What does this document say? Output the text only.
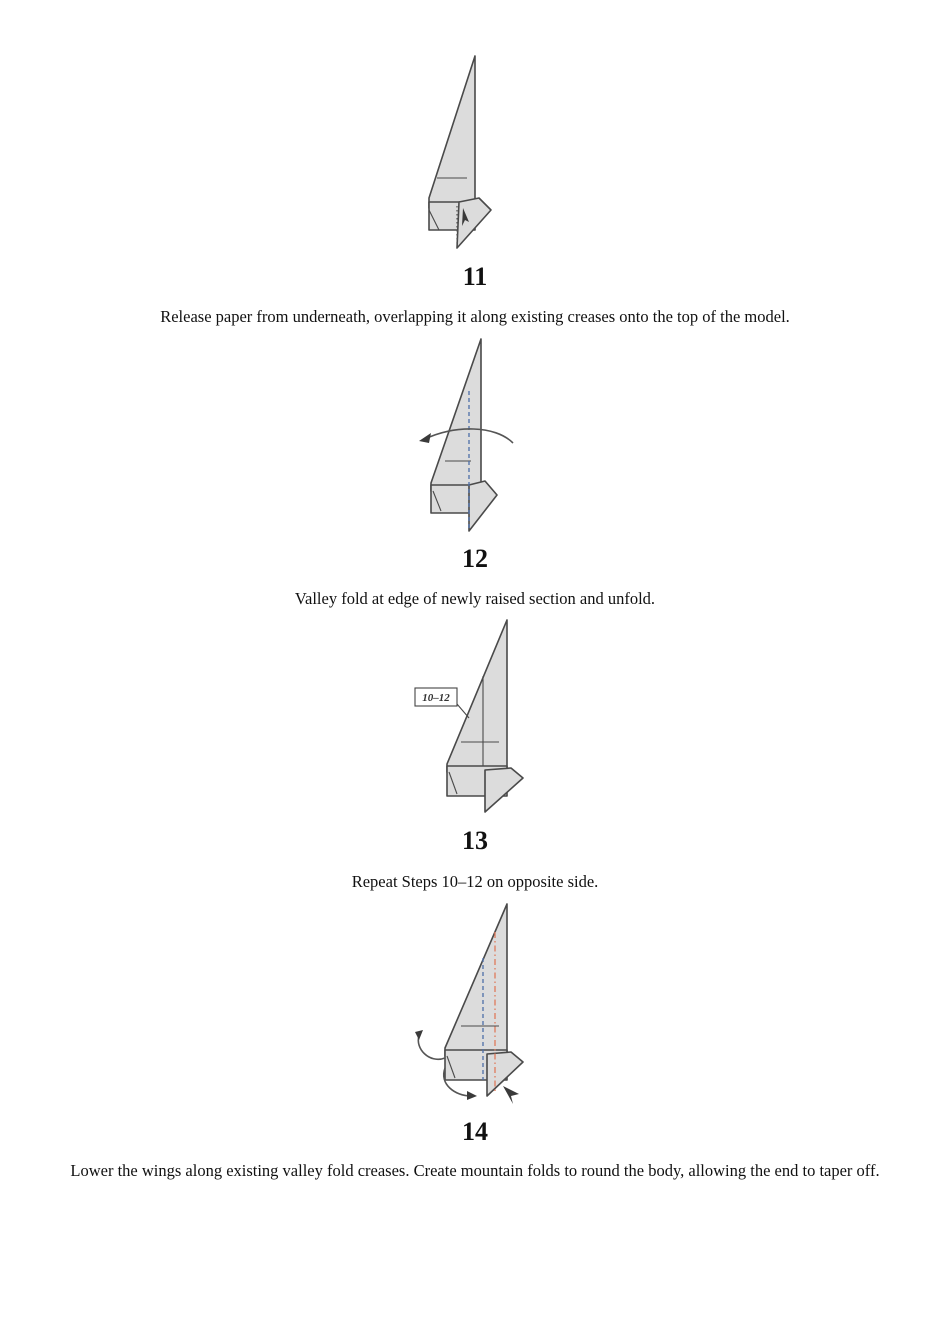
11
Release paper from underneath, overlapping it along existing creases onto the top of the model.
12
Valley fold at edge of newly raised section and unfold.
10–12
13
Repeat Steps 10–12 on opposite side.
14
Lower the wings along existing valley fold creases. Create mountain folds to round the body, allowing the end to taper off.
